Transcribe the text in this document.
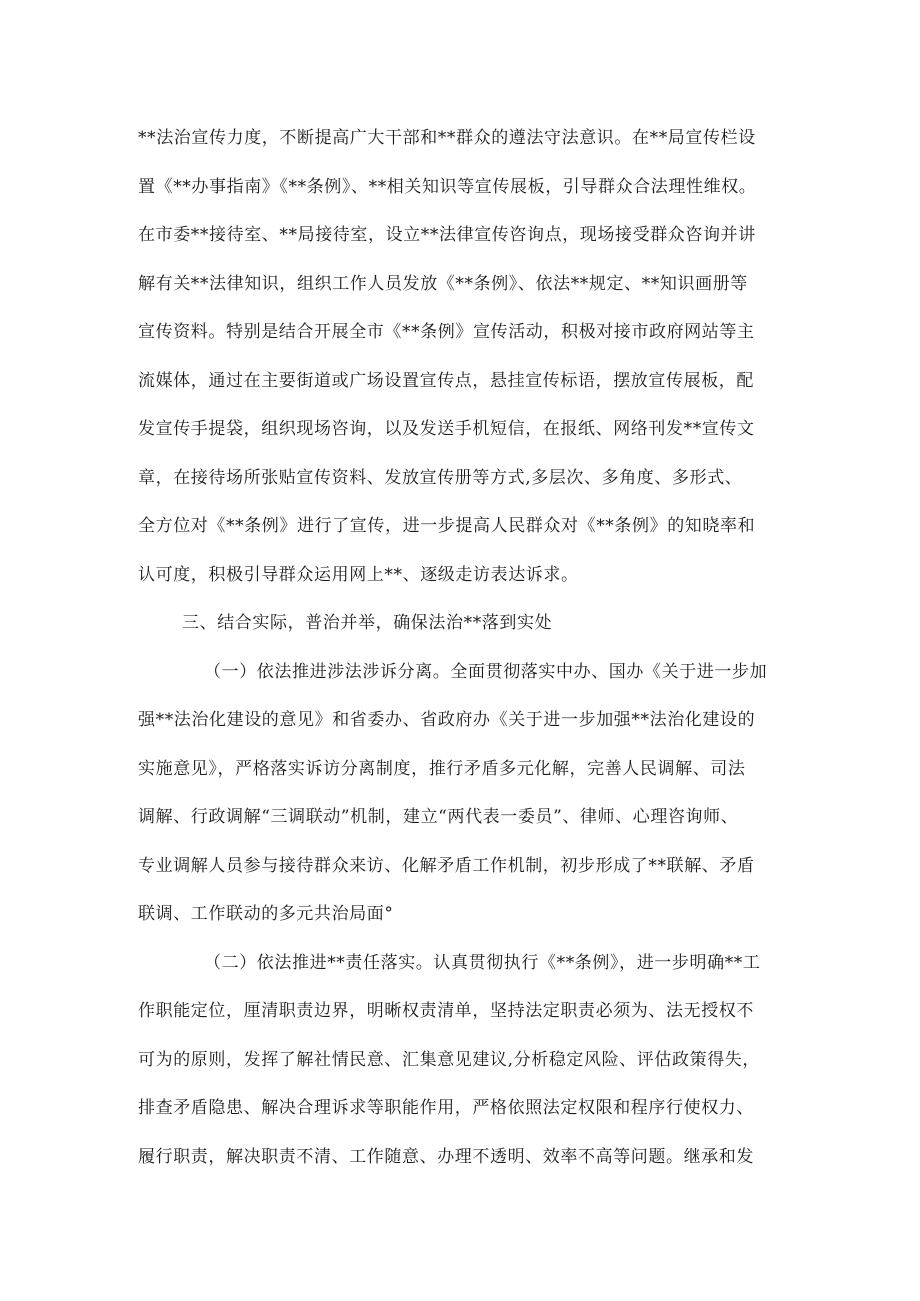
**法治宣传力度，不断提高广大干部和**群众的遵法守法意识。在**局宣传栏设
置《**办事指南》《**条例》、**相关知识等宣传展板，引导群众合法理性维权。
在市委**接待室、**局接待室，设立**法律宣传咨询点，现场接受群众咨询并讲
解有关**法律知识，组织工作人员发放《**条例》、依法**规定、**知识画册等
宣传资料。特别是结合开展全市《**条例》宣传活动，积极对接市政府网站等主
流媒体，通过在主要街道或广场设置宣传点，悬挂宣传标语，摆放宣传展板，配
发宣传手提袋，组织现场咨询，以及发送手机短信，在报纸、网络刊发**宣传文
章，在接待场所张贴宣传资料、发放宣传册等方式,多层次、多角度、多形式、
全方位对《**条例》进行了宣传，进一步提高人民群众对《**条例》的知晓率和
认可度，积极引导群众运用网上**、逐级走访表达诉求。
三、结合实际，普治并举，确保法治**落到实处
（一）依法推进涉法涉诉分离。全面贯彻落实中办、国办《关于进一步加
强**法治化建设的意见》和省委办、省政府办《关于进一步加强**法治化建设的
实施意见》，严格落实诉访分离制度，推行矛盾多元化解，完善人民调解、司法
调解、行政调解“三调联动”机制，建立“两代表一委员”、律师、心理咨询师、
专业调解人员参与接待群众来访、化解矛盾工作机制，初步形成了**联解、矛盾
联调、工作联动的多元共治局面°
（二）依法推进**责任落实。认真贯彻执行《**条例》，进一步明确**工
作职能定位，厘清职责边界，明晰权责清单，坚持法定职责必须为、法无授权不
可为的原则，发挥了解社情民意、汇集意见建议,分析稳定风险、评估政策得失，
排查矛盾隐患、解决合理诉求等职能作用，严格依照法定权限和程序行使权力、
履行职责，解决职责不清、工作随意、办理不透明、效率不高等问题。继承和发
